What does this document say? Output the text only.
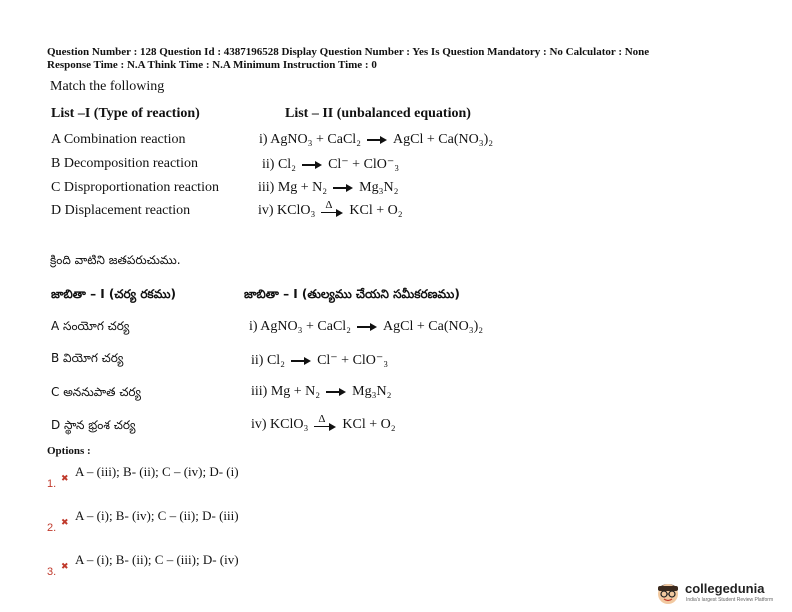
Question Number : 128 Question Id : 4387196528 Display Question Number : Yes Is Question Mandatory : No Calculator : None
Response Time : N.A Think Time : N.A Minimum Instruction Time : 0
Match the following
List –I (Type of reaction)	List – II (unbalanced equation)
A Combination reaction
B Decomposition reaction
C Disproportionation reaction
D Displacement reaction
i) AgNO₃ + CaCl₂ AgCl + Ca(NO₃)₂
ii) Cl₂ Cl⁻ + ClO⁻₃
iii) Mg + N₂ Mg₃N₂
iv) KClO₃ Δ KCl + O₂
క్రింది వాటిని జతపరుచుము.
జాబితా – I (చర్య రకము)	జాబితా – I (తుల్యము చేయని సమీకరణము)
A సంయోగ చర్య
B వియోగ చర్య
C అననుపాత చర్య
D స్థాన భ్రంశ చర్య
i) AgNO₃ + CaCl₂ AgCl + Ca(NO₃)₂
ii) Cl₂ Cl⁻ + ClO⁻₃
iii) Mg + N₂ Mg₃N₂
iv) KClO₃ Δ KCl + O₂
Options :
✖
1.
A – (iii); B- (ii); C – (iv); D- (i)
✖
2.
A – (i); B- (iv); C – (ii); D- (iii)
✖
3.
A – (i); B- (ii); C – (iii); D- (iv)
collegedunia
India's largest Student Review Platform
